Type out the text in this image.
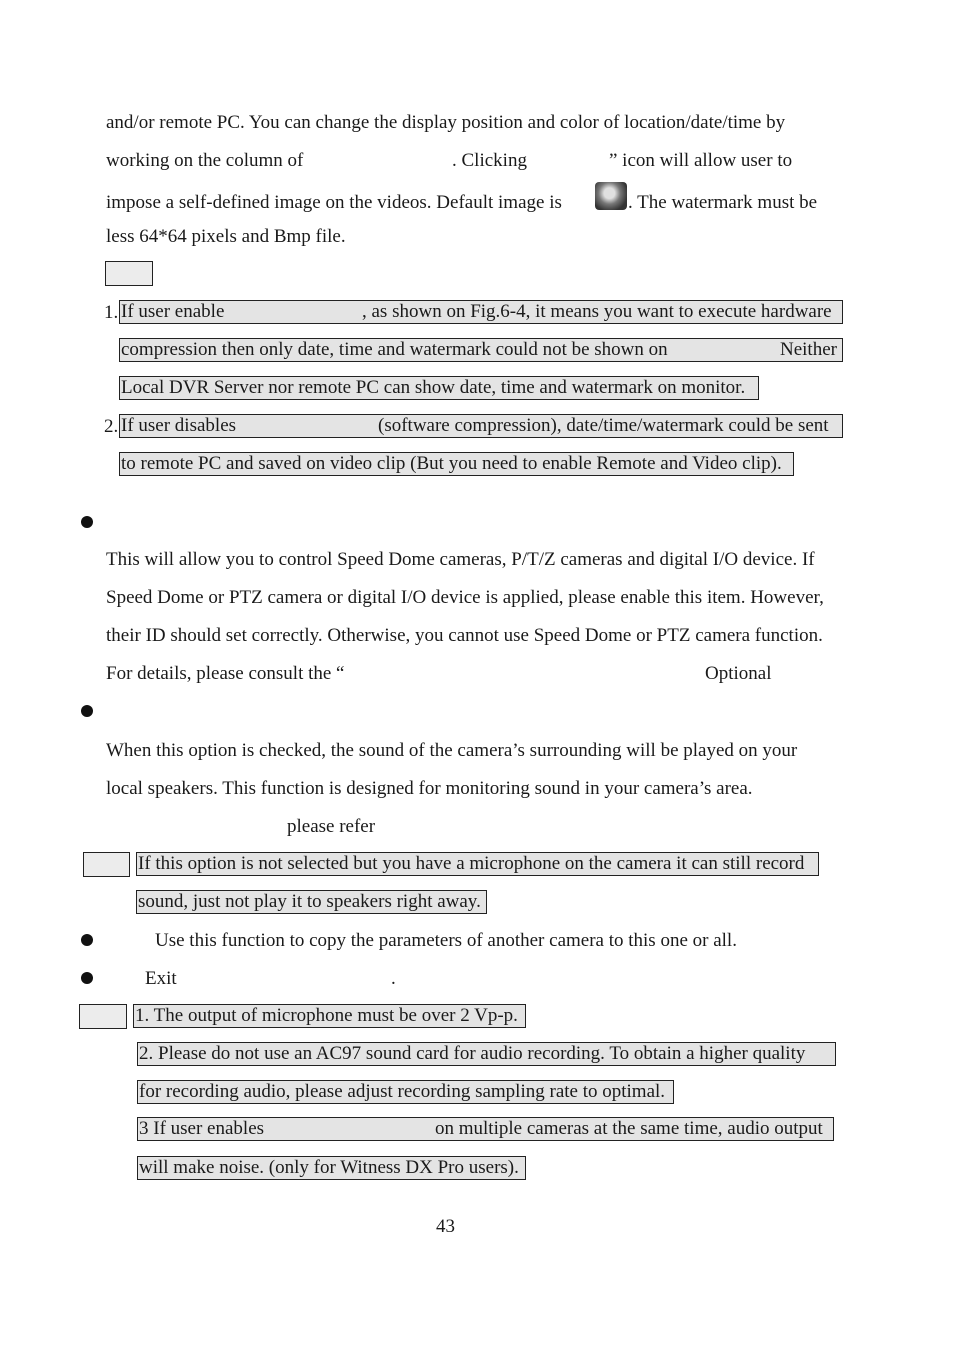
and/or remote PC. You can change the display position and color of location/date/time by
working on the column of	. Clicking	” icon will allow user to
impose a self-defined image on the videos. Default image is	. The watermark must be
less 64*64 pixels and Bmp file.
1. If user enable	, as shown on Fig.6-4, it means you want to execute hardware
compression then only date, time and watermark could not be shown on	Neither
Local DVR Server nor remote PC can show date, time and watermark on monitor.
2. If user disables	(software compression), date/time/watermark could be sent
to remote PC and saved on video clip (But you need to enable Remote and Video clip).
This will allow you to control Speed Dome cameras, P/T/Z cameras and digital I/O device. If
Speed Dome or PTZ camera or digital I/O device is applied, please enable this item. However,
their ID should set correctly. Otherwise, you cannot use Speed Dome or PTZ camera function.
For details, please consult the “	Optional
When this option is checked, the sound of the camera’s surrounding will be played on your
local speakers. This function is designed for monitoring sound in your camera’s area.
please refer
If this option is not selected but you have a microphone on the camera it can still record
sound, just not play it to speakers right away.
Use this function to copy the parameters of another camera to this one or all.
Exit	.
1. The output of microphone must be over 2 Vp-p.
2. Please do not use an AC97 sound card for audio recording. To obtain a higher quality
for recording audio, please adjust recording sampling rate to optimal.
3 If user enables	on multiple cameras at the same time, audio output
will make noise. (only for Witness DX Pro users).
43
